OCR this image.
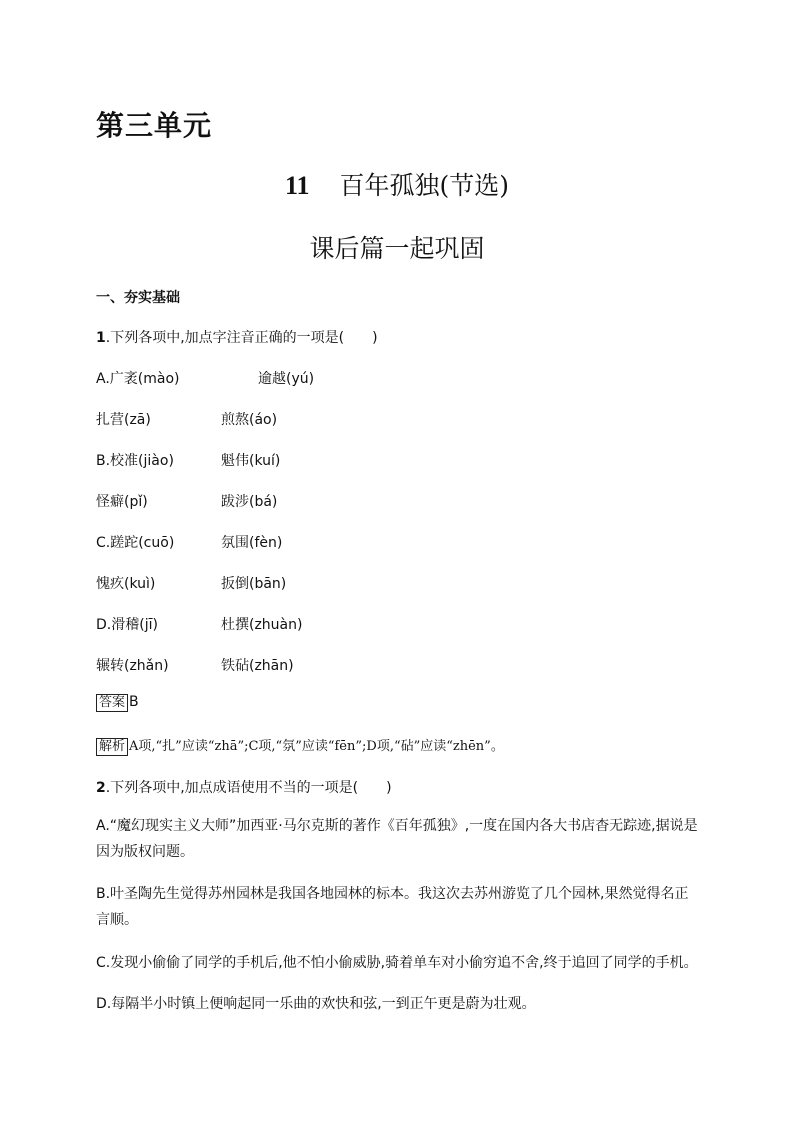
第三单元
11 百年孤独(节选)
课后篇一起巩固
一、夯实基础
1.下列各项中,加点字注音正确的一项是(　　)
A.广袤(mào)	逾越(yú)
扎营(zā)	煎熬(áo)
B.校准(jiào)	魁伟(kuí)
怪癖(pǐ)	跋涉(bá)
C.蹉跎(cuō)	氛围(fèn)
愧疚(kuì)	扳倒(bān)
D.滑稽(jī)	杜撰(zhuàn)
辗转(zhǎn)	铁砧(zhān)
答案 B
解析 A项,“扎”应读“zhā”;C项,“氛”应读“fēn”;D项,“砧”应读“zhēn”。
2.下列各项中,加点成语使用不当的一项是(　　)
A.“魔幻现实主义大师”加西亚·马尔克斯的著作《百年孤独》,一度在国内各大书店杳无踪迹,据说是因为版权问题。
B.叶圣陶先生觉得苏州园林是我国各地园林的标本。我这次去苏州游览了几个园林,果然觉得名正言顺。
C.发现小偷偷了同学的手机后,他不怕小偷威胁,骑着单车对小偷穷追不舍,终于追回了同学的手机。
D.每隔半小时镇上便响起同一乐曲的欢快和弦,一到正午更是蔚为壮观。
